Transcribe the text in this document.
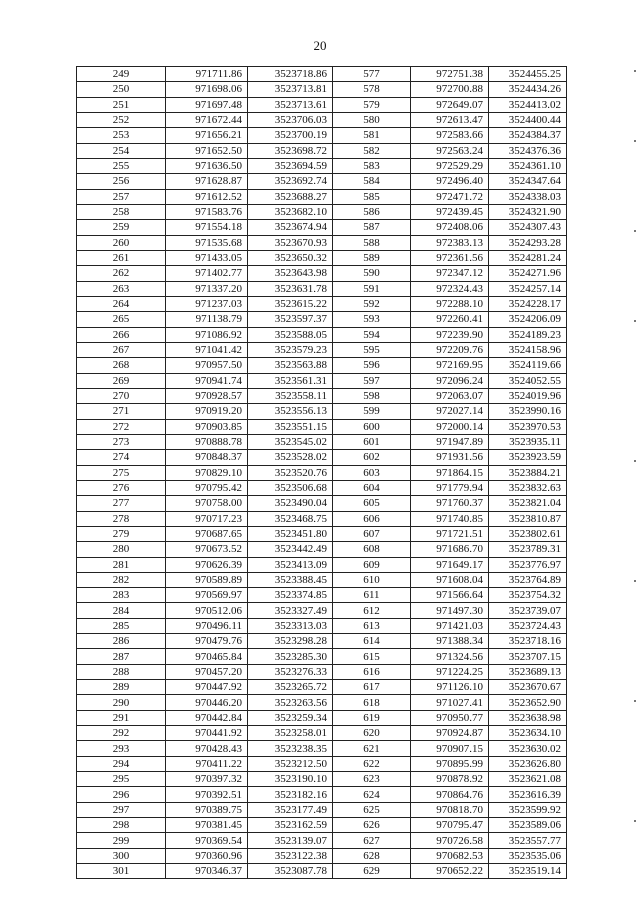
20
249	971711.86	3523718.86	577	972751.38	3524455.25
250	971698.06	3523713.81	578	972700.88	3524434.26
251	971697.48	3523713.61	579	972649.07	3524413.02
252	971672.44	3523706.03	580	972613.47	3524400.44
253	971656.21	3523700.19	581	972583.66	3524384.37
254	971652.50	3523698.72	582	972563.24	3524376.36
255	971636.50	3523694.59	583	972529.29	3524361.10
256	971628.87	3523692.74	584	972496.40	3524347.64
257	971612.52	3523688.27	585	972471.72	3524338.03
258	971583.76	3523682.10	586	972439.45	3524321.90
259	971554.18	3523674.94	587	972408.06	3524307.43
260	971535.68	3523670.93	588	972383.13	3524293.28
261	971433.05	3523650.32	589	972361.56	3524281.24
262	971402.77	3523643.98	590	972347.12	3524271.96
263	971337.20	3523631.78	591	972324.43	3524257.14
264	971237.03	3523615.22	592	972288.10	3524228.17
265	971138.79	3523597.37	593	972260.41	3524206.09
266	971086.92	3523588.05	594	972239.90	3524189.23
267	971041.42	3523579.23	595	972209.76	3524158.96
268	970957.50	3523563.88	596	972169.95	3524119.66
269	970941.74	3523561.31	597	972096.24	3524052.55
270	970928.57	3523558.11	598	972063.07	3524019.96
271	970919.20	3523556.13	599	972027.14	3523990.16
272	970903.85	3523551.15	600	972000.14	3523970.53
273	970888.78	3523545.02	601	971947.89	3523935.11
274	970848.37	3523528.02	602	971931.56	3523923.59
275	970829.10	3523520.76	603	971864.15	3523884.21
276	970795.42	3523506.68	604	971779.94	3523832.63
277	970758.00	3523490.04	605	971760.37	3523821.04
278	970717.23	3523468.75	606	971740.85	3523810.87
279	970687.65	3523451.80	607	971721.51	3523802.61
280	970673.52	3523442.49	608	971686.70	3523789.31
281	970626.39	3523413.09	609	971649.17	3523776.97
282	970589.89	3523388.45	610	971608.04	3523764.89
283	970569.97	3523374.85	611	971566.64	3523754.32
284	970512.06	3523327.49	612	971497.30	3523739.07
285	970496.11	3523313.03	613	971421.03	3523724.43
286	970479.76	3523298.28	614	971388.34	3523718.16
287	970465.84	3523285.30	615	971324.56	3523707.15
288	970457.20	3523276.33	616	971224.25	3523689.13
289	970447.92	3523265.72	617	971126.10	3523670.67
290	970446.20	3523263.56	618	971027.41	3523652.90
291	970442.84	3523259.34	619	970950.77	3523638.98
292	970441.92	3523258.01	620	970924.87	3523634.10
293	970428.43	3523238.35	621	970907.15	3523630.02
294	970411.22	3523212.50	622	970895.99	3523626.80
295	970397.32	3523190.10	623	970878.92	3523621.08
296	970392.51	3523182.16	624	970864.76	3523616.39
297	970389.75	3523177.49	625	970818.70	3523599.92
298	970381.45	3523162.59	626	970795.47	3523589.06
299	970369.54	3523139.07	627	970726.58	3523557.77
300	970360.96	3523122.38	628	970682.53	3523535.06
301	970346.37	3523087.78	629	970652.22	3523519.14
